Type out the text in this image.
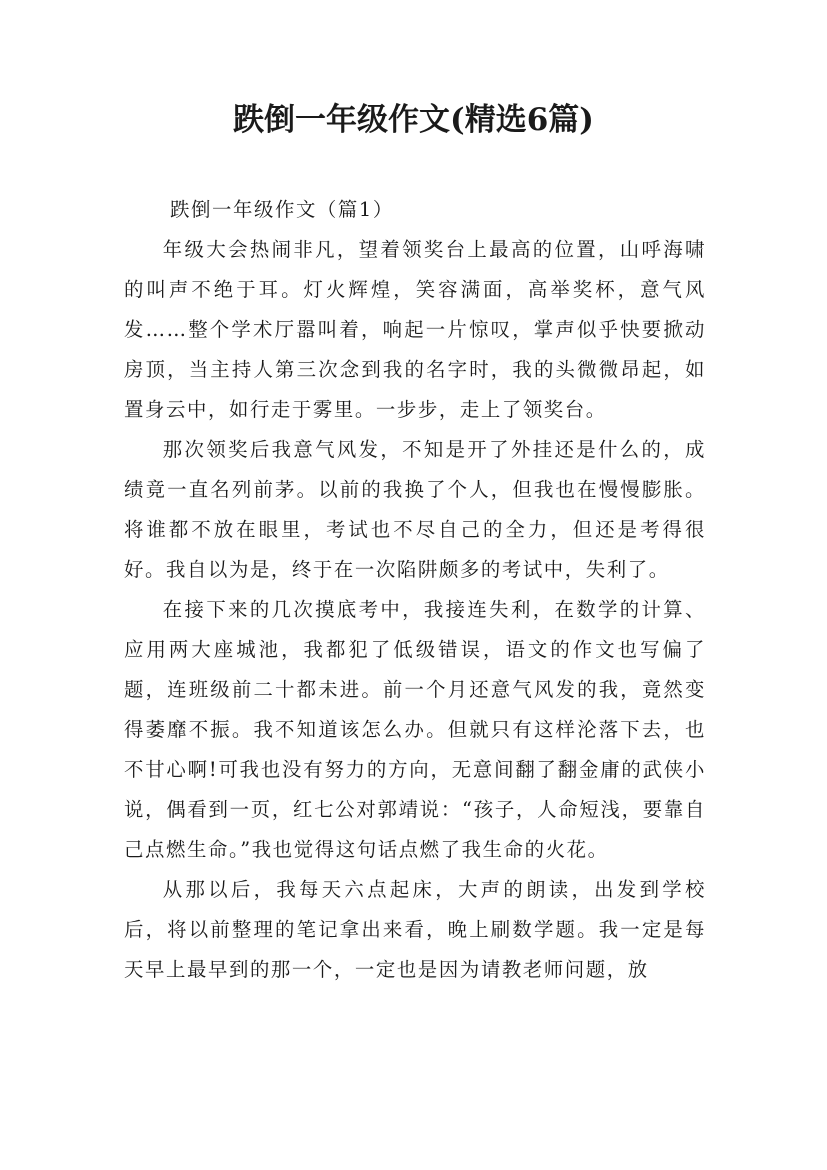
跌倒一年级作文(精选6篇)

跌倒一年级作文（篇1）

年级大会热闹非凡，望着领奖台上最高的位置，山呼海啸的叫声不绝于耳。灯火辉煌，笑容满面，高举奖杯，意气风发……整个学术厅嚣叫着，响起一片惊叹，掌声似乎快要掀动房顶，当主持人第三次念到我的名字时，我的头微微昂起，如置身云中，如行走于雾里。一步步，走上了领奖台。

那次领奖后我意气风发，不知是开了外挂还是什么的，成绩竟一直名列前茅。以前的我换了个人，但我也在慢慢膨胀。将谁都不放在眼里，考试也不尽自己的全力，但还是考得很好。我自以为是，终于在一次陷阱颇多的考试中，失利了。

在接下来的几次摸底考中，我接连失利，在数学的计算、应用两大座城池，我都犯了低级错误，语文的作文也写偏了题，连班级前二十都未进。前一个月还意气风发的我，竟然变得萎靡不振。我不知道该怎么办。但就只有这样沦落下去，也不甘心啊!可我也没有努力的方向，无意间翻了翻金庸的武侠小说，偶看到一页，红七公对郭靖说：“孩子，人命短浅，要靠自己点燃生命。”我也觉得这句话点燃了我生命的火花。

从那以后，我每天六点起床，大声的朗读，出发到学校后，将以前整理的笔记拿出来看，晚上刷数学题。我一定是每天早上最早到的那一个，一定也是因为请教老师问题，放
